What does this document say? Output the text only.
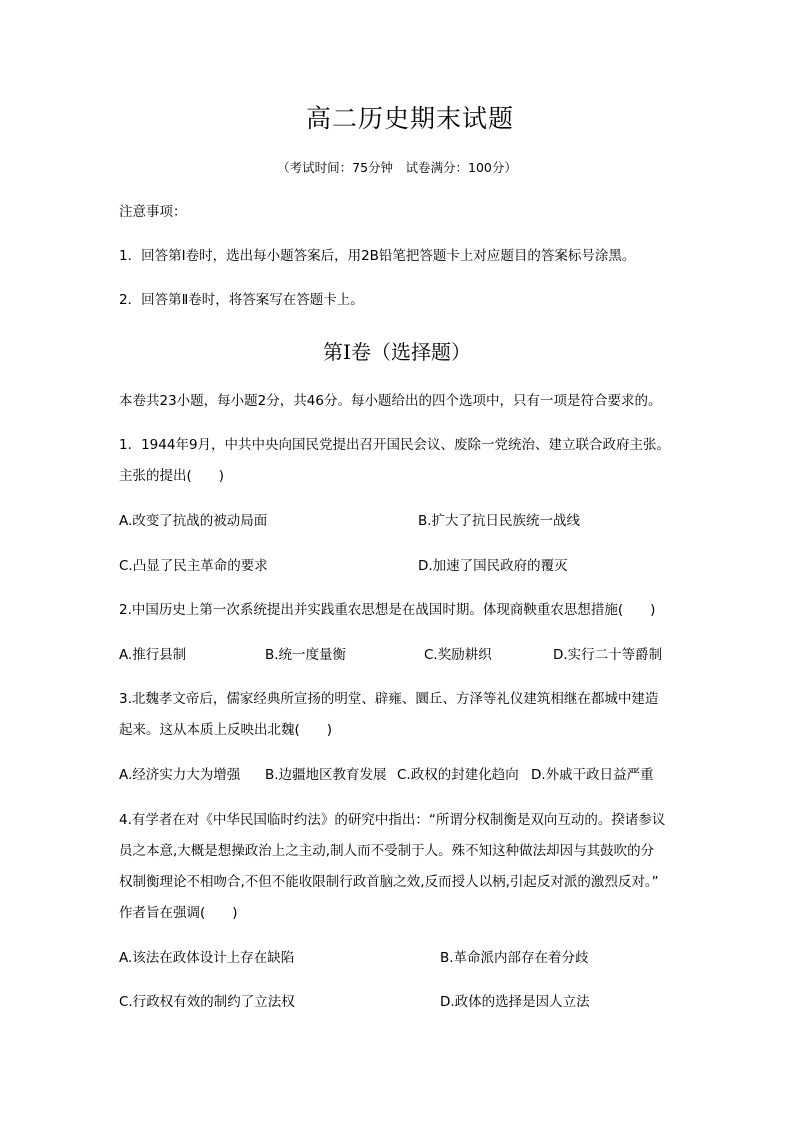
高二历史期末试题
（考试时间：75分钟　试卷满分：100分）
注意事项：
1．回答第Ⅰ卷时，选出每小题答案后，用2B铅笔把答题卡上对应题目的答案标号涂黑。
2．回答第Ⅱ卷时，将答案写在答题卡上。
第Ⅰ卷（选择题）
本卷共23小题，每小题2分，共46分。每小题给出的四个选项中，只有一项是符合要求的。
1．1944年9月，中共中央向国民党提出召开国民会议、废除一党统治、建立联合政府主张。
主张的提出(　　)
A.改变了抗战的被动局面	B.扩大了抗日民族统一战线
C.凸显了民主革命的要求	D.加速了国民政府的覆灭
2.中国历史上第一次系统提出并实践重农思想是在战国时期。体现商鞅重农思想措施(　　)
A.推行县制	B.统一度量衡	C.奖励耕织	D.实行二十等爵制
3.北魏孝文帝后，儒家经典所宣扬的明堂、辟雍、圜丘、方泽等礼仪建筑相继在都城中建造
起来。这从本质上反映出北魏(　　)
A.经济实力大为增强 B.边疆地区教育发展 C.政权的封建化趋向 D.外戚干政日益严重
4.有学者在对《中华民国临时约法》的研究中指出：“所谓分权制衡是双向互动的。揆诸参议
员之本意,大概是想操政治上之主动,制人而不受制于人。殊不知这种做法却因与其鼓吹的分
权制衡理论不相吻合,不但不能收限制行政首脑之效,反而授人以柄,引起反对派的激烈反对。”
作者旨在强调(　　)
A.该法在政体设计上存在缺陷	B.革命派内部存在着分歧
C.行政权有效的制约了立法权	D.政体的选择是因人立法
